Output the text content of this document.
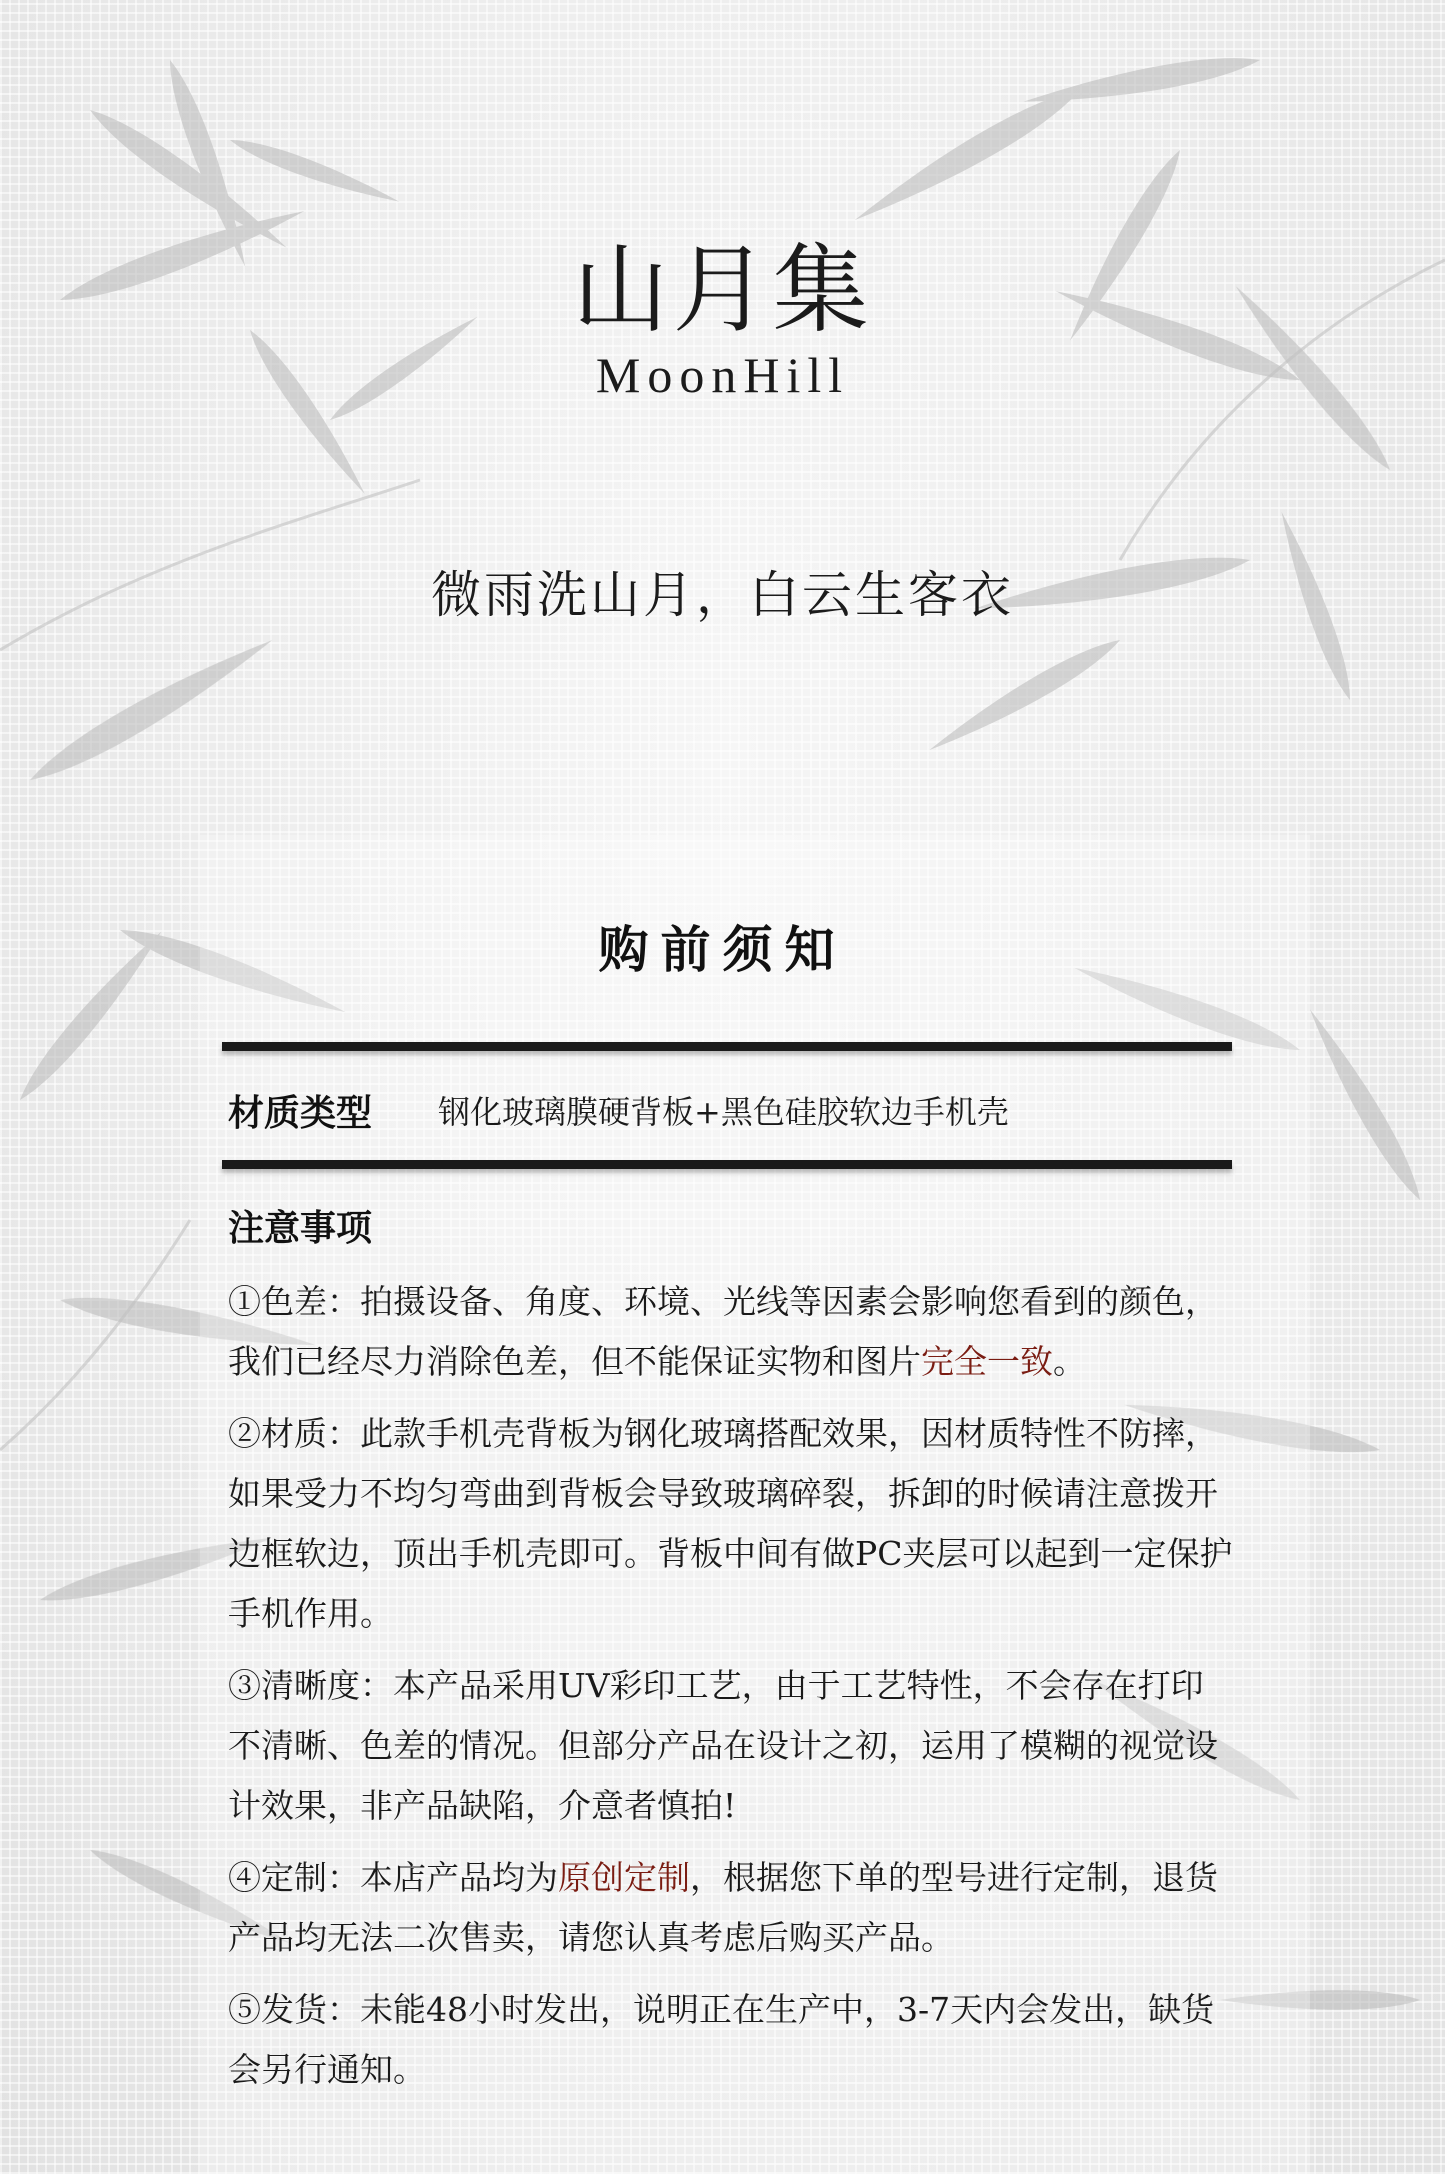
山月集
MoonHill
微雨洗山月，白云生客衣
购前须知
材质类型	钢化玻璃膜硬背板+黑色硅胶软边手机壳
注意事项

①色差：拍摄设备、角度、环境、光线等因素会影响您看到的颜色，我们已经尽力消除色差，但不能保证实物和图片完全一致。

②材质：此款手机壳背板为钢化玻璃搭配效果，因材质特性不防摔，如果受力不均匀弯曲到背板会导致玻璃碎裂，拆卸的时候请注意拨开边框软边，顶出手机壳即可。背板中间有做PC夹层可以起到一定保护手机作用。

③清晰度：本产品采用UV彩印工艺，由于工艺特性，不会存在打印不清晰、色差的情况。但部分产品在设计之初，运用了模糊的视觉设计效果，非产品缺陷，介意者慎拍!

④定制：本店产品均为原创定制，根据您下单的型号进行定制，退货产品均无法二次售卖，请您认真考虑后购买产品。

⑤发货：未能48小时发出，说明正在生产中，3-7天内会发出，缺货会另行通知。
